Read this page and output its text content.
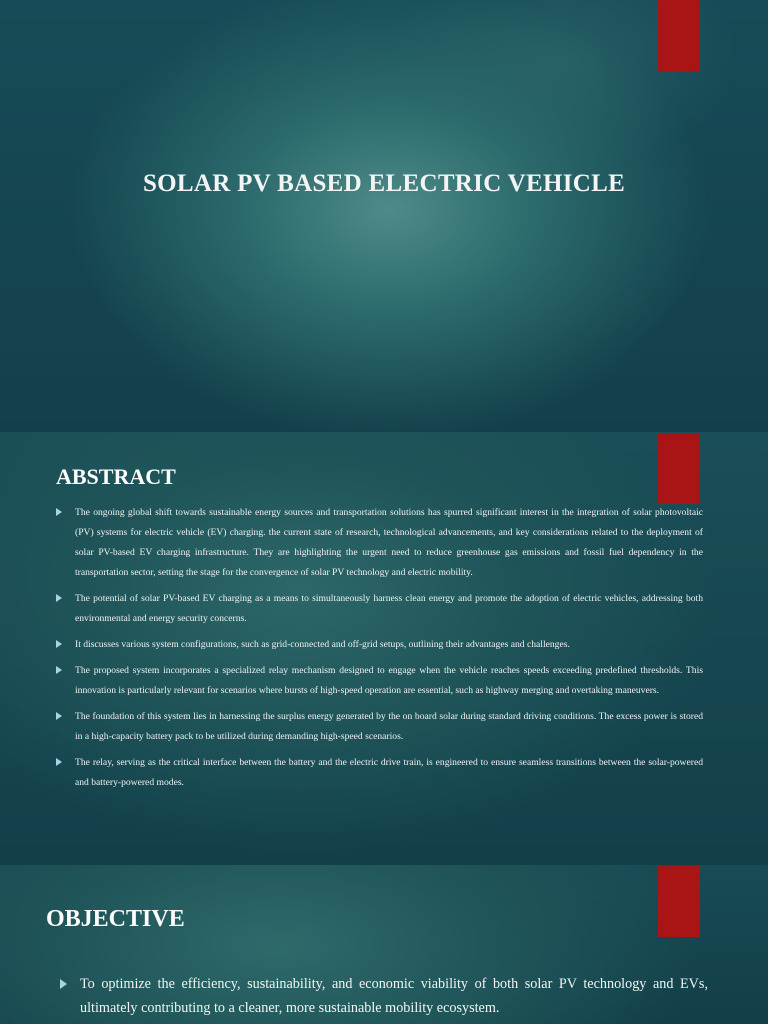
SOLAR PV BASED ELECTRIC VEHICLE
ABSTRACT
The ongoing global shift towards sustainable energy sources and transportation solutions has spurred significant interest in the integration of solar photovoltaic (PV) systems for electric vehicle (EV) charging. the current state of research, technological advancements, and key considerations related to the deployment of solar PV-based EV charging infrastructure. They are highlighting the urgent need to reduce greenhouse gas emissions and fossil fuel dependency in the transportation sector, setting the stage for the convergence of solar PV technology and electric mobility.
The potential of solar PV-based EV charging as a means to simultaneously harness clean energy and promote the adoption of electric vehicles, addressing both environmental and energy security concerns.
It discusses various system configurations, such as grid-connected and off-grid setups, outlining their advantages and challenges.
The proposed system incorporates a specialized relay mechanism designed to engage when the vehicle reaches speeds exceeding predefined thresholds. This innovation is particularly relevant for scenarios where bursts of high-speed operation are essential, such as highway merging and overtaking maneuvers.
The foundation of this system lies in harnessing the surplus energy generated by the on board solar during standard driving conditions. The excess power is stored in a high-capacity battery pack to be utilized during demanding high-speed scenarios.
The relay, serving as the critical interface between the battery and the electric drive train, is engineered to ensure seamless transitions between the solar-powered and battery-powered modes.
OBJECTIVE
To optimize the efficiency, sustainability, and economic viability of both solar PV technology and EVs, ultimately contributing to a cleaner, more sustainable mobility ecosystem.
